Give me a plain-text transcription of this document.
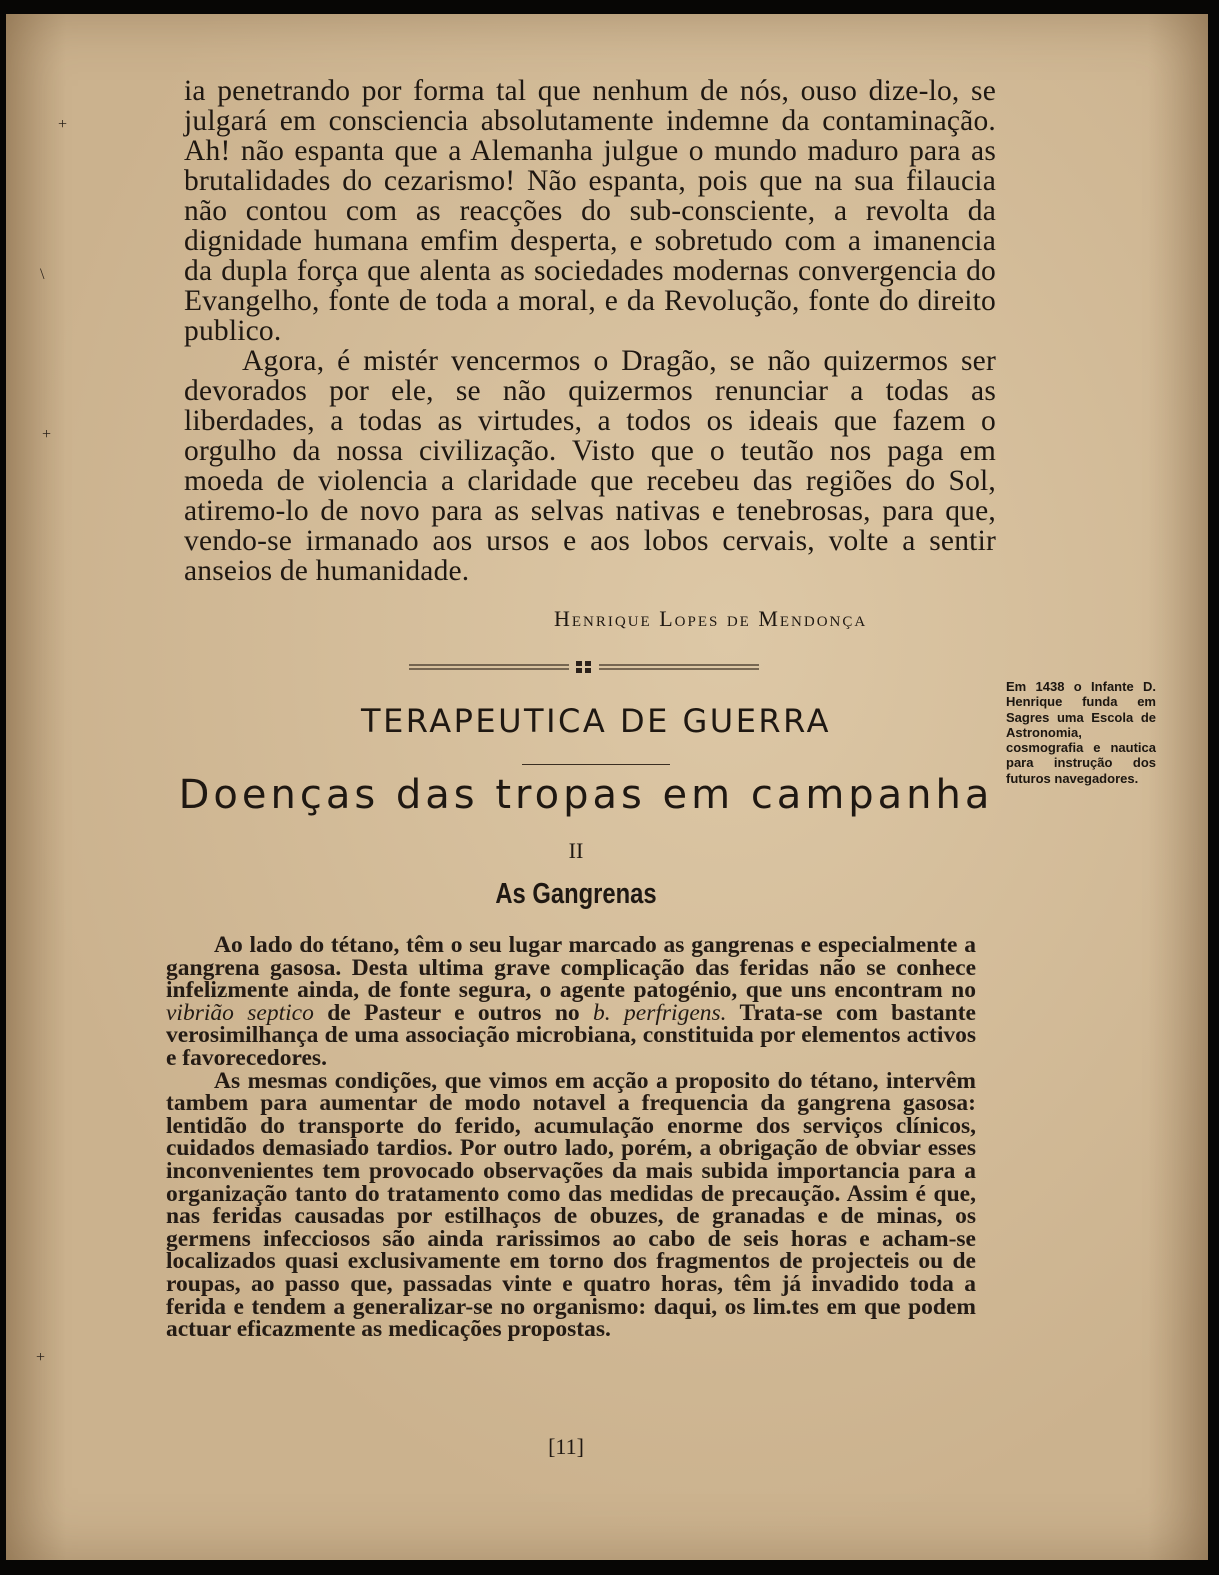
ia penetrando por forma tal que nenhum de nós, ouso dize-lo, se julgará em consciencia absolutamente indemne da contaminação. Ah! não espanta que a Alemanha julgue o mundo maduro para as brutalidades do cezarismo! Não espanta, pois que na sua filaucia não contou com as reacções do sub-consciente, a revolta da dignidade humana emfim desperta, e sobretudo com a imanencia da dupla força que alenta as sociedades modernas convergencia do Evangelho, fonte de toda a moral, e da Revolução, fonte do direito publico.

Agora, é mistér vencermos o Dragão, se não quizermos ser devorados por ele, se não quizermos renunciar a todas as liberdades, a todas as virtudes, a todos os ideais que fazem o orgulho da nossa civilização. Visto que o teutão nos paga em moeda de violencia a claridade que recebeu das regiões do Sol, atiremo-lo de novo para as selvas nativas e tenebrosas, para que, vendo-se irmanado aos ursos e aos lobos cervais, volte a sentir anseios de humanidade.

Henrique Lopes de Mendonça
TERAPEUTICA DE GUERRA
Doenças das tropas em campanha
II
As Gangrenas

Ao lado do tétano, têm o seu lugar marcado as gangrenas e especialmente a gangrena gasosa. Desta ultima grave complicação das feridas não se conhece infelizmente ainda, de fonte segura, o agente patogénio, que uns encontram no vibrião septico de Pasteur e outros no b. perfrigens. Trata-se com bastante verosimilhança de uma associação microbiana, constituida por elementos activos e favorecedores.

As mesmas condições, que vimos em acção a proposito do tétano, intervêm tambem para aumentar de modo notavel a frequencia da gangrena gasosa: lentidão do transporte do ferido, acumulação enorme dos serviços clínicos, cuidados demasiado tardios. Por outro lado, porém, a obrigação de obviar esses inconvenientes tem provocado observações da mais subida importancia para a organização tanto do tratamento como das medidas de precaução. Assim é que, nas feridas causadas por estilhaços de obuzes, de granadas e de minas, os germens infecciosos são ainda rarissimos ao cabo de seis horas e acham-se localizados quasi exclusivamente em torno dos fragmentos de projecteis ou de roupas, ao passo que, passadas vinte e quatro horas, têm já invadido toda a ferida e tendem a generalizar-se no organismo: daqui, os lim.tes em que podem actuar eficazmente as medicações propostas.

Em 1438 o Infante D. Henrique funda em Sagres uma Escola de Astronomia, cosmografia e nautica para instrução dos futuros navegadores.
[11]
+
\
+
+
